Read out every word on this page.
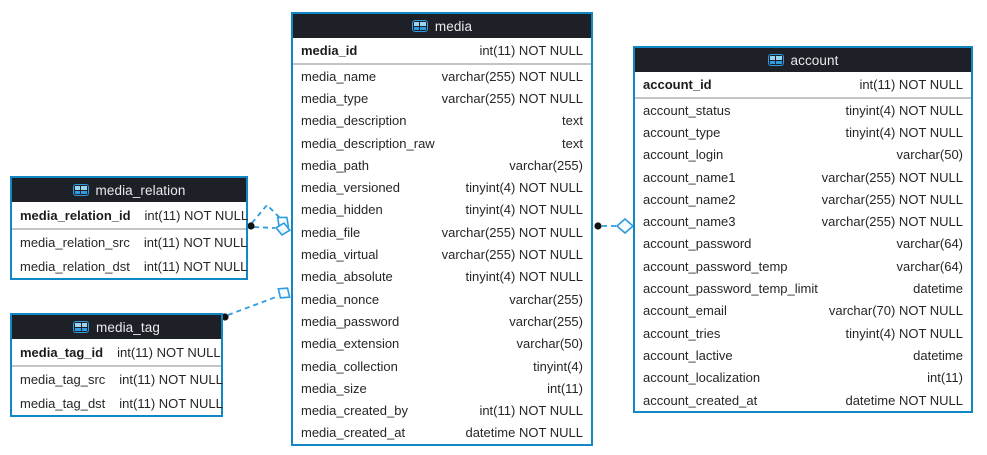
media_relation
media_relation_id int(11) NOT NULL
media_relation_src int(11) NOT NULL
media_relation_dst int(11) NOT NULL
media_tag
media_tag_id int(11) NOT NULL
media_tag_src int(11) NOT NULL
media_tag_dst int(11) NOT NULL
media
media_id	int(11) NOT NULL
media_name	varchar(255) NOT NULL
media_type	varchar(255) NOT NULL
media_description	text
media_description_raw	text
media_path	varchar(255)
media_versioned	tinyint(4) NOT NULL
media_hidden	tinyint(4) NOT NULL
media_file	varchar(255) NOT NULL
media_virtual	varchar(255) NOT NULL
media_absolute	tinyint(4) NOT NULL
media_nonce	varchar(255)
media_password	varchar(255)
media_extension	varchar(50)
media_collection	tinyint(4)
media_size	int(11)
media_created_by	int(11) NOT NULL
media_created_at	datetime NOT NULL
account
account_id	int(11) NOT NULL
account_status	tinyint(4) NOT NULL
account_type	tinyint(4) NOT NULL
account_login	varchar(50)
account_name1	varchar(255) NOT NULL
account_name2	varchar(255) NOT NULL
account_name3	varchar(255) NOT NULL
account_password	varchar(64)
account_password_temp	varchar(64)
account_password_temp_limit	datetime
account_email	varchar(70) NOT NULL
account_tries	tinyint(4) NOT NULL
account_lactive	datetime
account_localization	int(11)
account_created_at	datetime NOT NULL
